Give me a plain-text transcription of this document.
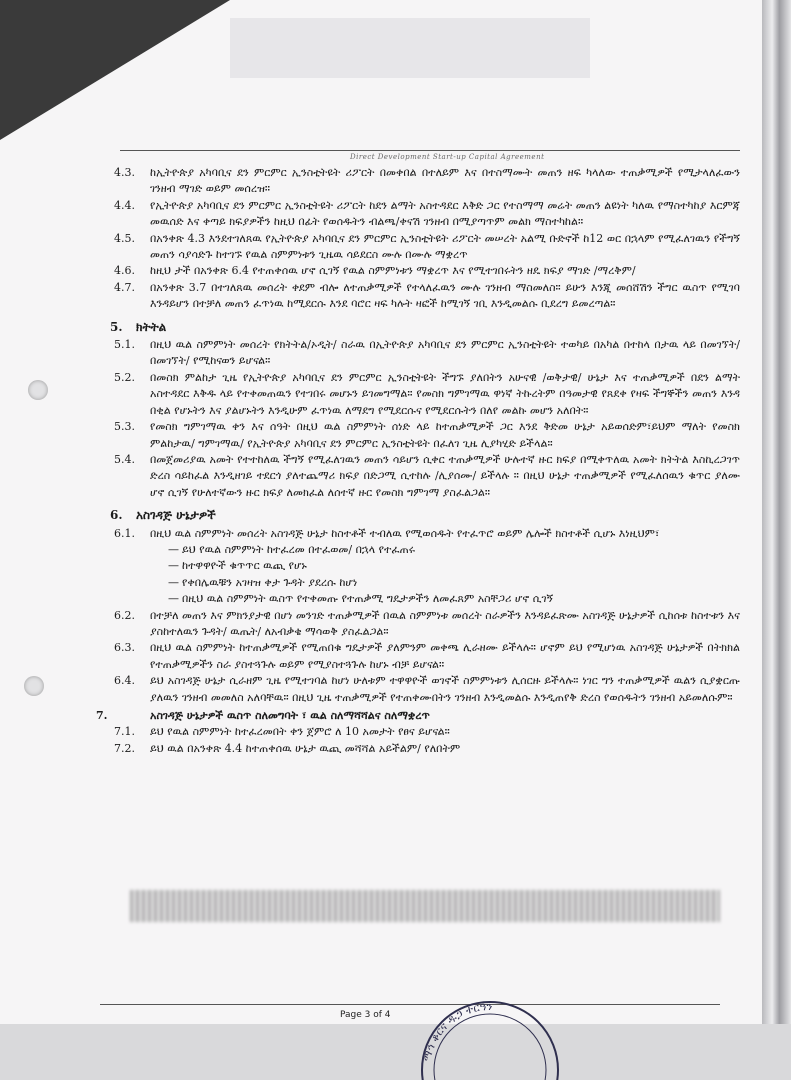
Direct Development Start-up Capital Agreement
4.3. ከኢትዮጵያ አካባቢና ደን ምርምር ኢንስቲትዩት ሪፖርት በመቀበል በተለይም እና በተስማሙት መጠን ዘፍ ካላለው ተጠቃሚዎች የሚታላለፈውን ገንዘብ ማገድ ወይም መሰረዝ።
4.4. የኢትዮጵያ አካባቢና ደን ምርምር ኢንስቲትዩት ሪፖርት ከደን ልማት አስተዳደር እቅድ ጋር የተስማማ መሬት መጠን ልዩነት ካለዉ የማስተካከያ እርምጃ መዉሰድ እና ቀጣይ ክፍያዎችን ከዚህ በፊት የወሰዱትን ብልጫ/ቀናሽ ገንዘብ በሚያጣጥም መልክ ማስተካከል።
4.5. በአንቀጽ 4.3 እንደተገለጸዉ የኢትዮጵያ አካባቢና ደን ምርምር ኢንስቲትዩት ሪፖርት መሠረት አልሚ ቡድኖች ከ12 ወር በኋላም የሚፈለገዉን የችግኝ መጠን ሳያሳድጉ ከተገኙ የዉል ስምምነቱን ጊዜዉ ሳይደርስ ሙሉ በሙሉ ማቋረጥ
4.6. ከዚህ ታች በአንቀጽ 6.4 የተጠቀሰዉ ሆኖ ሲገኝ የዉል ስምምነቱን ማቋረጥ እና የሚተገበሩትን ዘዴ ክፍያ ማገድ /ማረቅም/
4.7. በአንቀጽ 3.7 በተገለጸዉ መሰረት ቀደም ብሎ ለተጠቃሚዎች የተላለፈዉን ሙሉ ገንዘብ ማስመለስ። ይሁን እንጂ መሰሸሽን ችግር ዉስጥ የሚገባ እንዳይሆን በተቻለ መጠን ፈጥነዉ ከሚደርሱ እንደ ባሮር ዛፍ ካሉት ዛፎች ከሚገኝ ገቢ እንዲመልሱ ቢደረግ ይመረጣል።
5. ክትትል
5.1. በዚህ ዉል ስምምነት መሰረት የክትትል/ኦዲት/ ስራዉ በኢትዮጵያ አካባቢና ደን ምርምር ኢንስቲትዩት ተወካይ በአካል በተከላ በታዉ ላይ በመገኘት/ በመገኘት/ የሚከናወን ይሆናል።
5.2. በመስክ ምልከታ ጊዜ የኢትዮጵያ አካባቢና ደን ምርምር ኢንስቲትዩት ችግኙ ያለበትን አሁናዊ /ወቅታዊ/ ሁኔታ እና ተጠቃሚዎች በደን ልማት አስተዳደር እቅዱ ላይ የተቀመጠዉን የተገበሩ መሆኑን ይገመግማል። የመስክ ግምገማዉ ዋነኛ ትኩረትም በዓመታዊ የጸደቀ የዛፍ ችግኞችን መጠን እንዳ በቂል የሆኑትን እና ያልሆኑትን እንዲሁም ፈጥነዉ ለማደግ የሚደርሱና የሚደርሱትን በለየ መልኩ መሆን አለበት።
5.3. የመስክ ግምገማዉ ቀን እና ሰዓት በዚህ ዉል ስምምነት ሰነድ ላይ ከተጠቃሚዎች ጋር እንደ ቅድመ ሁኔታ አይወሰድም፣ይህም ማለት የመስክ ምልከታዉ/ ግምገማዉ/ የኢትዮጵያ አካባቢና ደን ምርምር ኢንስቲትዩት በፈለገ ጊዜ ሊያካሂድ ይችላል።
5.4. በመጀመሪያዉ አመት የተተከለዉ ችግኝ የሚፈለገዉን መጠን ሳይሆን ሲቀር ተጠቃሚዎች ሁሉተኛ ዙር ክፍያ በሚቀጥለዉ አመት ክትትል እስኪረጋገጥ ድረስ ሳይከፈል እንዲዘገይ ተደርጎ ያለተጨማሪ ክፍያ በድጋሚ ሲተከሉ /ሊያሰሙ/ ይችላሉ ። በዚህ ሁኔታ ተጠቃሚዎች የሚፈለሰዉን ቁጥር ያለሙ ሆኖ ሲገኝ የሁለተኛውን ዙር ክፍያ ለመክፈል ለሰተኛ ዙር የመስክ ግምገማ ያስፈልጋል።
6. አስገዳጅ ሁኔታዎች
6.1. በዚህ ዉል ስምምነት መሰረት አስገዳጅ ሁኔታ ከስተቶች ተብለዉ የሚወሰዱት የተፈጥሮ ወይም ሌሎች ክስተቶች ሲሆኑ እነዚህም፣
— ይህ የዉል ስምምነት ከተፈረመ በተፈወመ/ በኋላ የተፈጠሩ
— ከተዋዋዮች ቁጥጥር ዉጪ የሆኑ
— የቀበሌዉቹን አገዛዝ ቀታ ጉዳት ያደረሱ ከሆነ
— በዚህ ዉል ስምምነት ዉስጥ የተቀመጡ የተጠቃሚ ግዴታዎችን ለመፈጸም አስቸጋሪ ሆኖ ሲገኝ
6.2. በተቻለ መጠን እና ምክንያታዊ በሆነ መንገድ ተጠቃሚዎች በዉል ስምምነቱ መሰረት ስራዎችን እንዳይፈጽሙ አስገዳጅ ሁኔታዎች ሲከሰቱ ከስተቱን እና ያስከተለዉን ጉዳት/ ዉጤት/ ለአብቃቄ ማሳወቅ ያስፈልጋል።
6.3. በዚህ ዉል ስምምነት ከተጠቃሚዎች የሚጠበቁ ግዴታዎች ያለምንም መቀጫ ሊራዘሙ ይችላሉ። ሆኖም ይህ የሚሆነዉ አስገዳጅ ሁኔታዎች በትክክል የተጠቃሚዎችን ስራ ያስተጓጉሉ ወይም የሚያስተጓጉሉ ከሆኑ ብቻ ይሆናል።
6.4. ይህ አስገዳጅ ሁኔታ ሲራዘም ጊዜ የሚተገባል ከሆነ ሁለቱም ተዋዋዮች ወገኖች ስምምነቱን ሊሰርዙ ይችላሉ። ነገር ግን ተጠቃሚዎች ዉልን ሲያቋርጡ ያለዉን ገንዘብ መመለስ አለባቸዉ። በዚህ ጊዜ ተጠቃሚዎች የተጠቀሙበትን ገንዘብ እንዲመልሱ እንዲጠየቅ ድረስ የወሰዱትን ገንዘብ አይመለሱም።
7.	አስገዳጅ ሁኔታዎች ዉስጥ ስለመግባት ፣ ዉል ስለማሻሻልና ስለማቋረጥ
7.1. ይህ የዉል ስምምነት ከተፈረመበት ቀን ጀምሮ ለ 10 አመታት የፀና ይሆናል።
7.2. ይህ ዉል በአንቀጽ 4.4 ከተጠቀሰዉ ሁኔታ ዉጪ መሻሻል አይችልም/ የለበትም
Page 3 of 4
ማኅ ቆርና ዱጋ ተርዓን
